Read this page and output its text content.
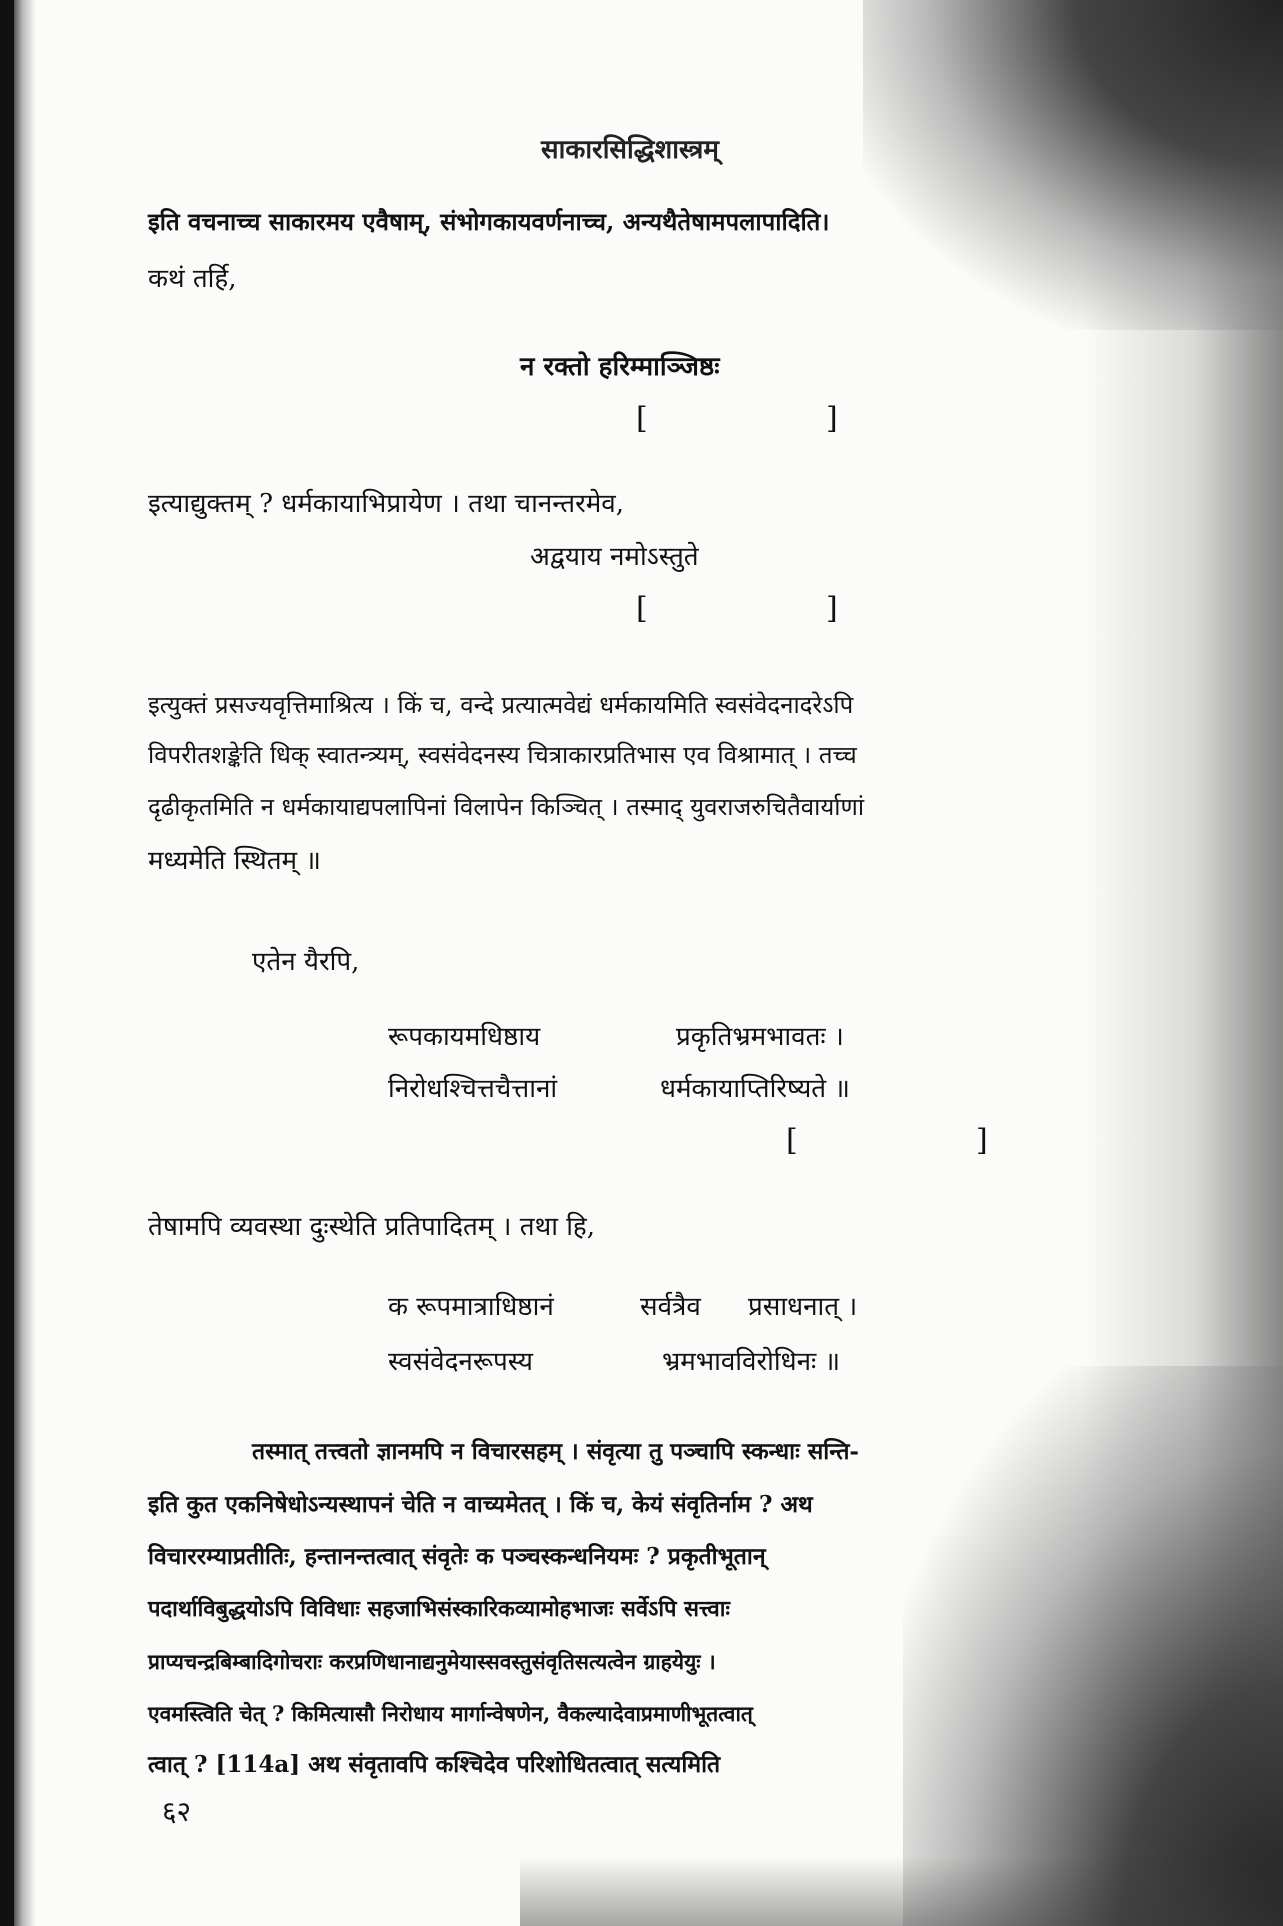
साकारसिद्धिशास्त्रम्
इति वचनाच्च साकारमय एवैषाम्, संभोगकायवर्णनाच्च, अन्यथैतेषामपलापादिति।
कथं तर्हि,
न रक्तो हरिम्माञ्जिष्ठः
[	]
इत्याद्युक्तम् ? धर्मकायाभिप्रायेण । तथा चानन्तरमेव,
अद्वयाय नमोऽस्तुते
[	]
इत्युक्तं प्रसज्यवृत्तिमाश्रित्य । किं च, वन्दे प्रत्यात्मवेद्यं धर्मकायमिति स्वसंवेदनादरेऽपि
विपरीतशङ्केति धिक् स्वातन्त्र्यम्, स्वसंवेदनस्य चित्राकारप्रतिभास एव विश्रामात् । तच्च
दृढीकृतमिति न धर्मकायाद्यपलापिनां विलापेन किञ्चित् । तस्माद् युवराजरुचितैवार्याणां
मध्यमेति स्थितम् ॥
एतेन यैरपि,
रूपकायमधिष्ठाय	प्रकृतिभ्रमभावतः ।
निरोधश्चित्तचैत्तानां	धर्मकायाप्तिरिष्यते ॥
[	]
तेषामपि व्यवस्था दुःस्थेति प्रतिपादितम् । तथा हि,
क रूपमात्राधिष्ठानं	सर्वत्रैव प्रसाधनात् ।
स्वसंवेदनरूपस्य	भ्रमभावविरोधिनः ॥
तस्मात् तत्त्वतो ज्ञानमपि न विचारसहम् । संवृत्या तु पञ्चापि स्कन्धाः सन्ति-
इति कुत एकनिषेधोऽन्यस्थापनं चेति न वाच्यमेतत् । किं च, केयं संवृतिर्नाम ? अथ
विचाररम्याप्रतीतिः, हन्तानन्तत्वात् संवृतेः क पञ्चस्कन्धनियमः ? प्रकृतीभूतान्
पदार्थाविबुद्धयोऽपि विविधाः सहजाभिसंस्कारिकव्यामोहभाजः सर्वेऽपि सत्त्वाः
प्राप्यचन्द्रबिम्बादिगोचराः करप्रणिधानाद्यनुमेयास्सवस्तुसंवृतिसत्यत्वेन ग्राहयेयुः ।
एवमस्त्विति चेत् ? किमित्यासौ निरोधाय मार्गान्वेषणेन, वैकल्यादेवाप्रमाणीभूतत्वात्
त्वात् ? [114a] अथ संवृतावपि कश्चिदेव परिशोधितत्वात् सत्यमिति
६२
